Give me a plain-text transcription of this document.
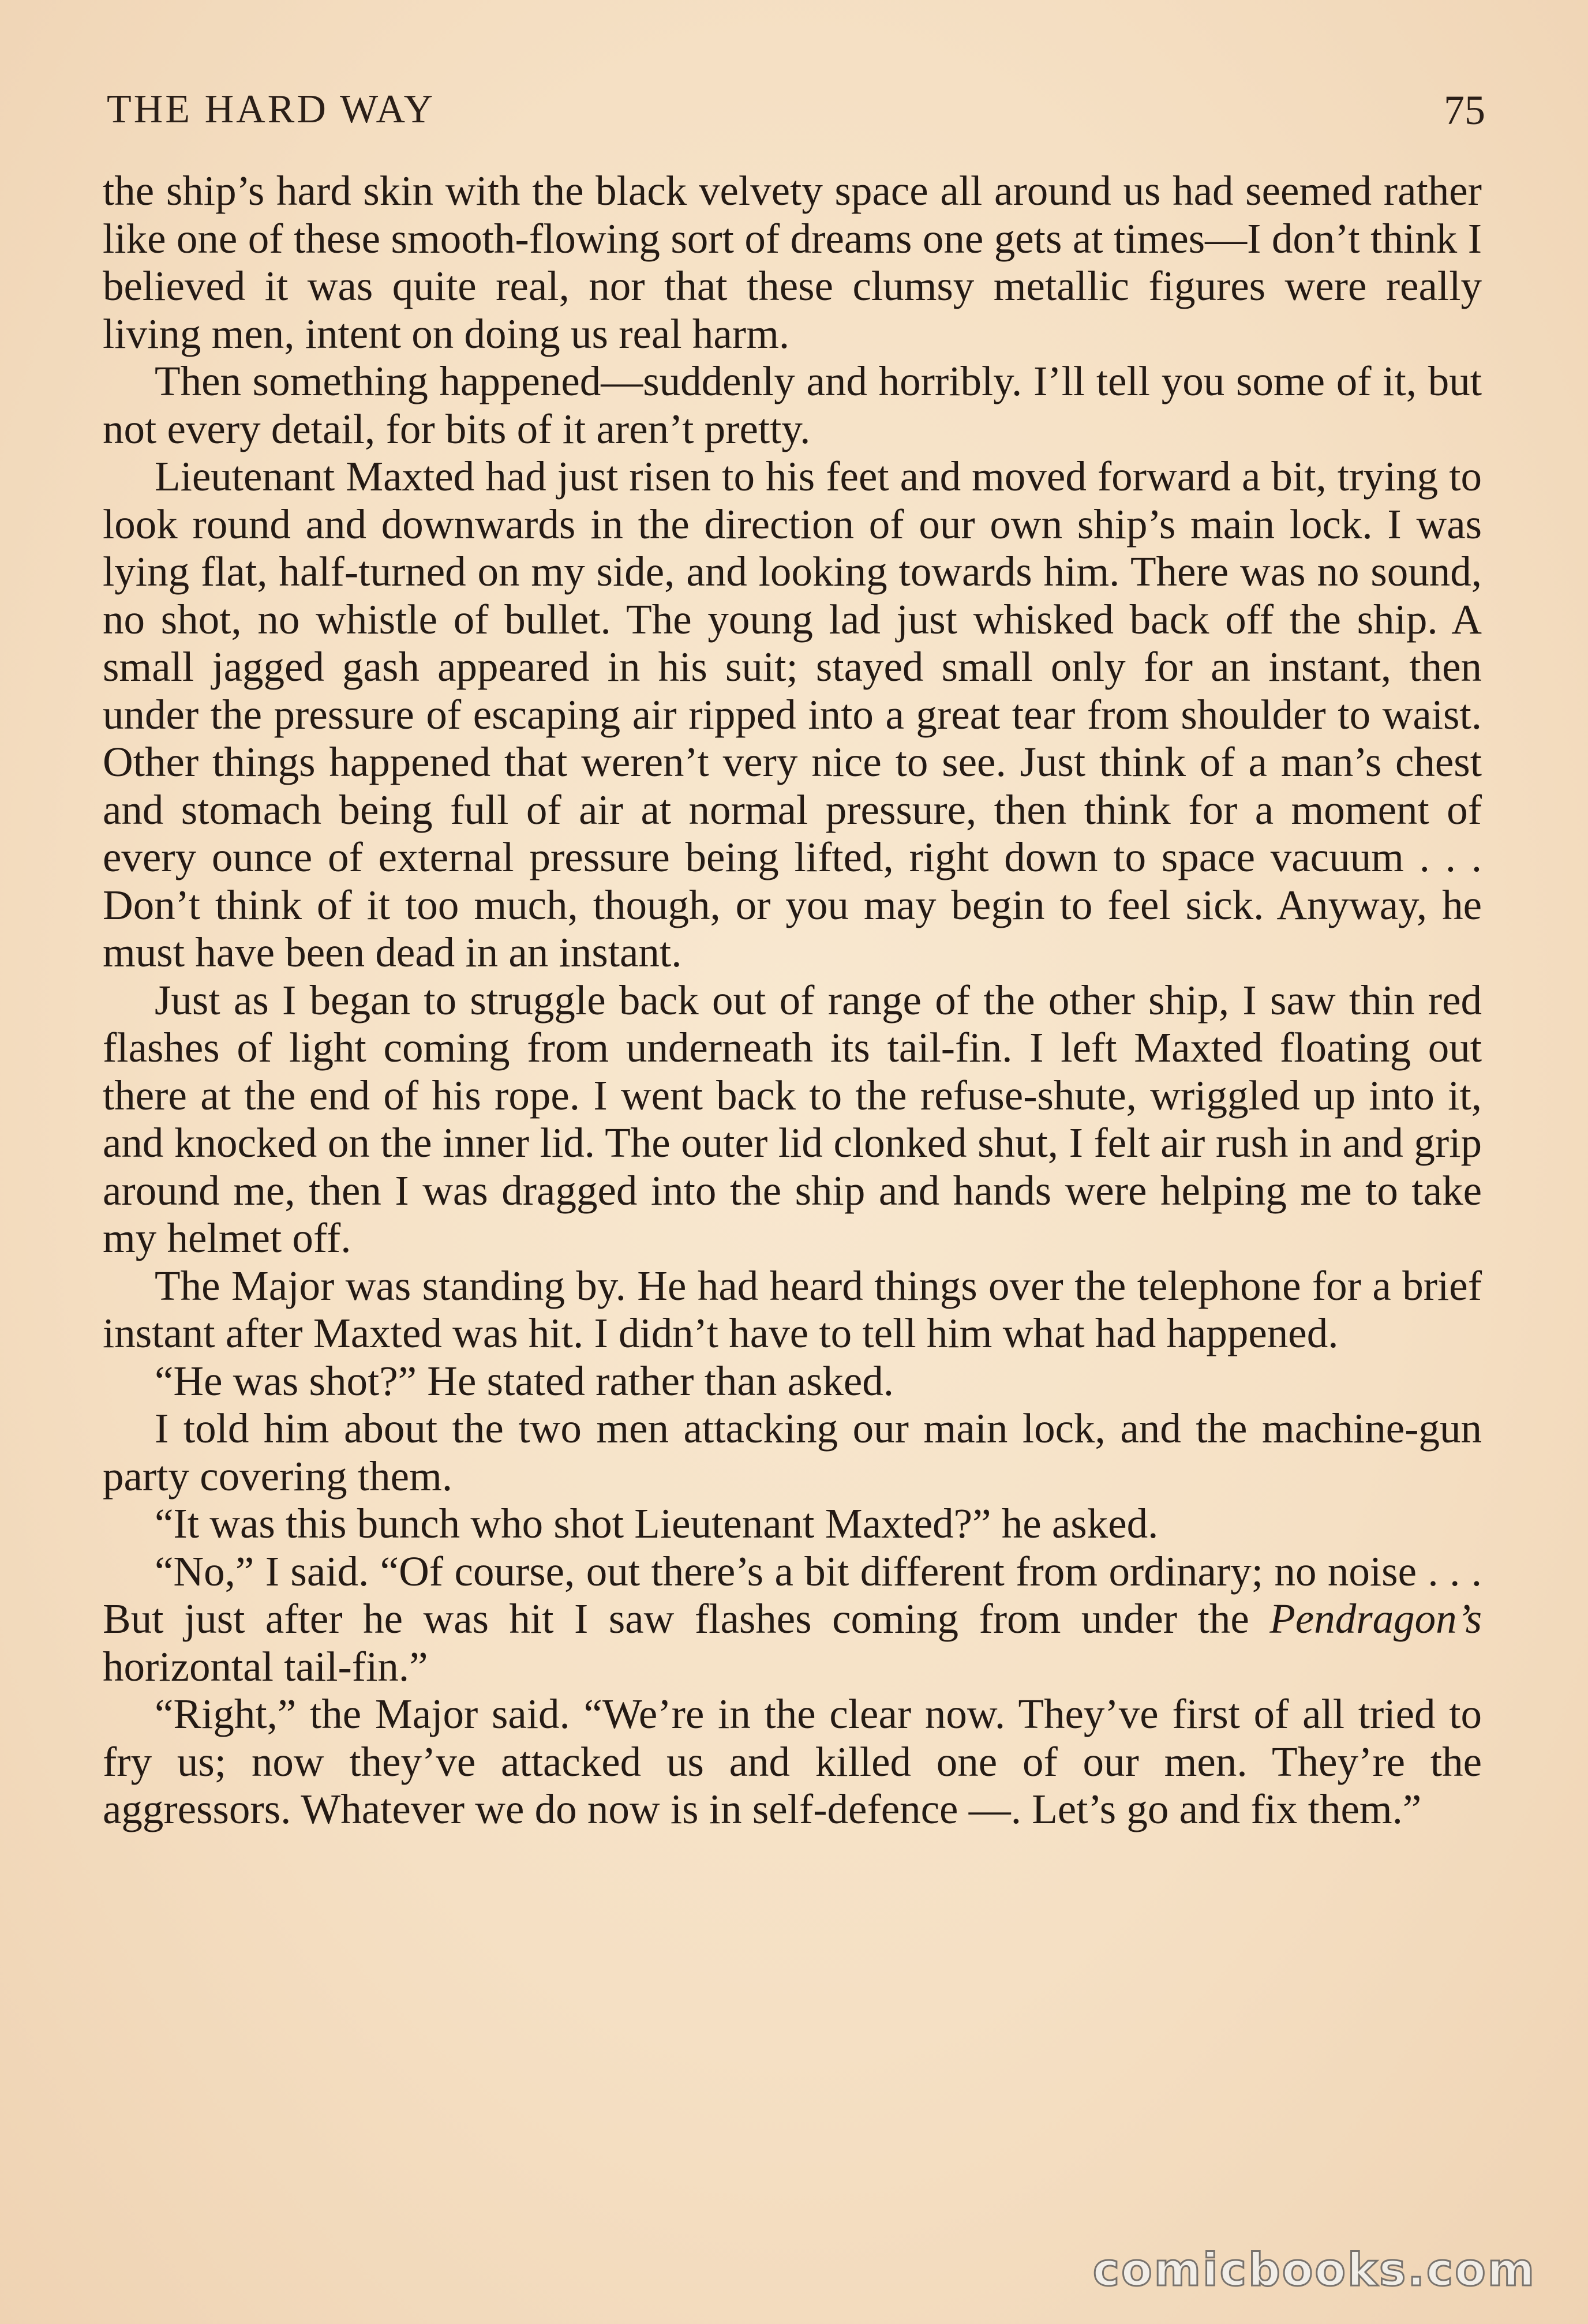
THE HARD WAY	75

the ship’s hard skin with the black velvety space all around us had seemed rather like one of these smooth-flowing sort of dreams one gets at times—I don’t think I believed it was quite real, nor that these clumsy metallic figures were really living men, intent on doing us real harm.

Then something happened—suddenly and horribly. I’ll tell you some of it, but not every detail, for bits of it aren’t pretty.

Lieutenant Maxted had just risen to his feet and moved forward a bit, trying to look round and downwards in the direction of our own ship’s main lock. I was lying flat, half-turned on my side, and looking towards him. There was no sound, no shot, no whistle of bullet. The young lad just whisked back off the ship. A small jagged gash appeared in his suit; stayed small only for an instant, then under the pressure of escaping air ripped into a great tear from shoulder to waist. Other things happened that weren’t very nice to see. Just think of a man’s chest and stomach being full of air at normal pressure, then think for a moment of every ounce of external pressure being lifted, right down to space vacuum . . . Don’t think of it too much, though, or you may begin to feel sick. Anyway, he must have been dead in an instant.

Just as I began to struggle back out of range of the other ship, I saw thin red flashes of light coming from underneath its tail-fin. I left Maxted floating out there at the end of his rope. I went back to the refuse-shute, wriggled up into it, and knocked on the inner lid. The outer lid clonked shut, I felt air rush in and grip around me, then I was dragged into the ship and hands were helping me to take my helmet off.

The Major was standing by. He had heard things over the telephone for a brief instant after Maxted was hit. I didn’t have to tell him what had happened.

“He was shot?” He stated rather than asked.

I told him about the two men attacking our main lock, and the machine-gun party covering them.

“It was this bunch who shot Lieutenant Maxted?” he asked.

“No,” I said. “Of course, out there’s a bit different from ordinary; no noise . . . But just after he was hit I saw flashes coming from under the Pendragon’s horizontal tail-fin.”

“Right,” the Major said. “We’re in the clear now. They’ve first of all tried to fry us; now they’ve attacked us and killed one of our men. They’re the aggressors. Whatever we do now is in self-defence —. Let’s go and fix them.”

comicbooks.com
